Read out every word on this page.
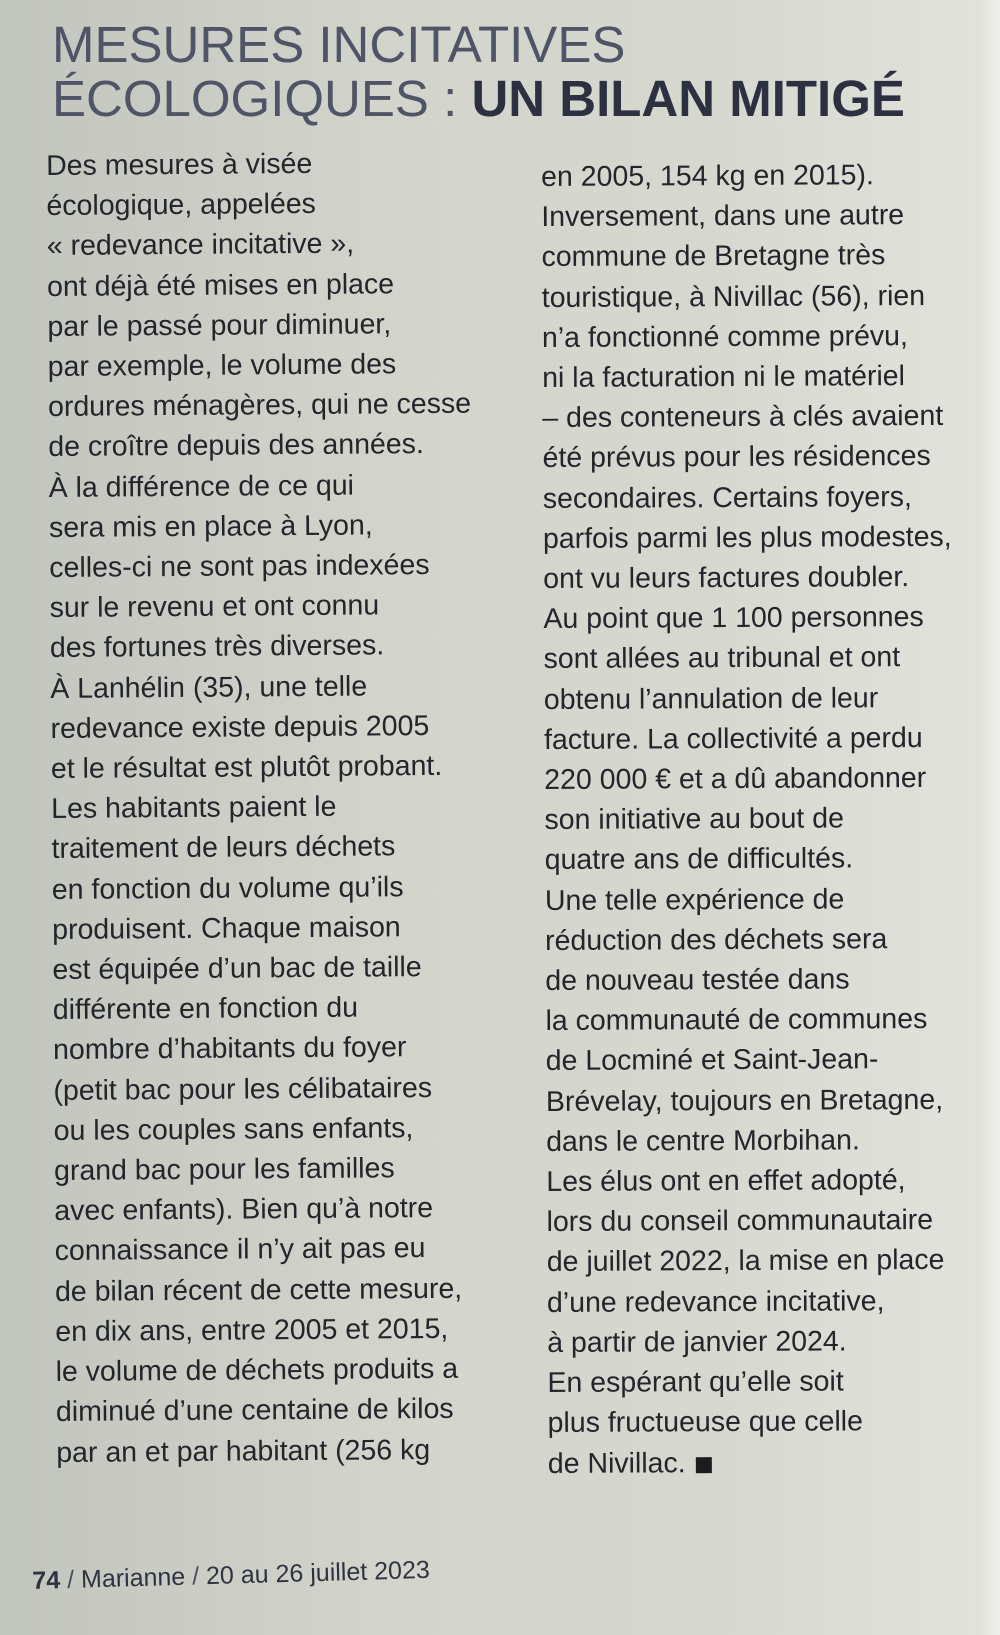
MESURES INCITATIVES
ÉCOLOGIQUES : UN BILAN MITIGÉ
Des mesures à visée
écologique, appelées
« redevance incitative »,
ont déjà été mises en place
par le passé pour diminuer,
par exemple, le volume des
ordures ménagères, qui ne cesse
de croître depuis des années.
À la différence de ce qui
sera mis en place à Lyon,
celles-ci ne sont pas indexées
sur le revenu et ont connu
des fortunes très diverses.
À Lanhélin (35), une telle
redevance existe depuis 2005
et le résultat est plutôt probant.
Les habitants paient le
traitement de leurs déchets
en fonction du volume qu’ils
produisent. Chaque maison
est équipée d’un bac de taille
différente en fonction du
nombre d’habitants du foyer
(petit bac pour les célibataires
ou les couples sans enfants,
grand bac pour les familles
avec enfants). Bien qu’à notre
connaissance il n’y ait pas eu
de bilan récent de cette mesure,
en dix ans, entre 2005 et 2015,
le volume de déchets produits a
diminué d’une centaine de kilos
par an et par habitant (256 kg
en 2005, 154 kg en 2015).
Inversement, dans une autre
commune de Bretagne très
touristique, à Nivillac (56), rien
n’a fonctionné comme prévu,
ni la facturation ni le matériel
– des conteneurs à clés avaient
été prévus pour les résidences
secondaires. Certains foyers,
parfois parmi les plus modestes,
ont vu leurs factures doubler.
Au point que 1 100 personnes
sont allées au tribunal et ont
obtenu l’annulation de leur
facture. La collectivité a perdu
220 000 € et a dû abandonner
son initiative au bout de
quatre ans de difficultés.
Une telle expérience de
réduction des déchets sera
de nouveau testée dans
la communauté de communes
de Locminé et Saint-Jean-
Brévelay, toujours en Bretagne,
dans le centre Morbihan.
Les élus ont en effet adopté,
lors du conseil communautaire
de juillet 2022, la mise en place
d’une redevance incitative,
à partir de janvier 2024.
En espérant qu’elle soit
plus fructueuse que celle
de Nivillac.
74 / Marianne / 20 au 26 juillet 2023
